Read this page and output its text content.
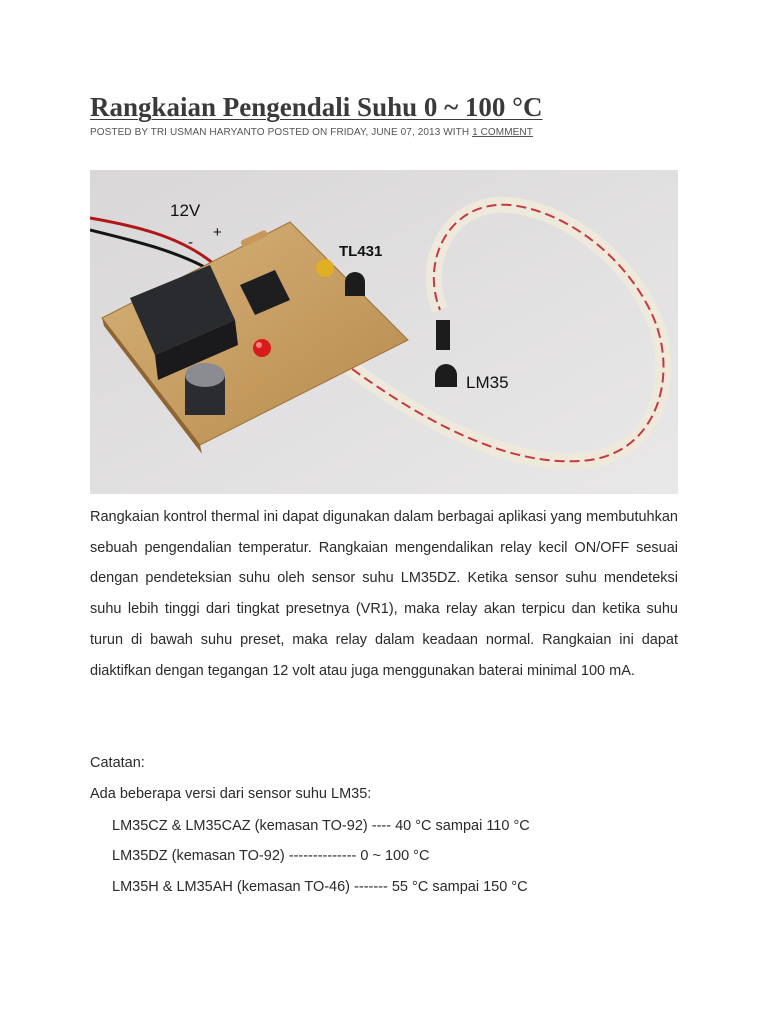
Rangkaian Pengendali Suhu 0 ~ 100 °C
POSTED BY TRI USMAN HARYANTO POSTED ON FRIDAY, JUNE 07, 2013 WITH 1 COMMENT
12V
+
-
TL431
LM35

Rangkaian kontrol thermal ini dapat digunakan dalam berbagai aplikasi yang membutuhkan sebuah pengendalian temperatur. Rangkaian mengendalikan relay kecil ON/OFF sesuai dengan pendeteksian suhu oleh sensor suhu LM35DZ. Ketika sensor suhu mendeteksi suhu lebih tinggi dari tingkat presetnya (VR1), maka relay akan terpicu dan ketika suhu turun di bawah suhu preset, maka relay dalam keadaan normal. Rangkaian ini dapat diaktifkan dengan tegangan 12 volt atau juga menggunakan baterai minimal 100 mA.

Catatan:
Ada beberapa versi dari sensor suhu LM35:
LM35CZ & LM35CAZ (kemasan TO-92) ---- 40 °C sampai 110 °C
LM35DZ (kemasan TO-92) -------------- 0 ~ 100 °C
LM35H & LM35AH (kemasan TO-46) ------- 55 °C sampai 150 °C
